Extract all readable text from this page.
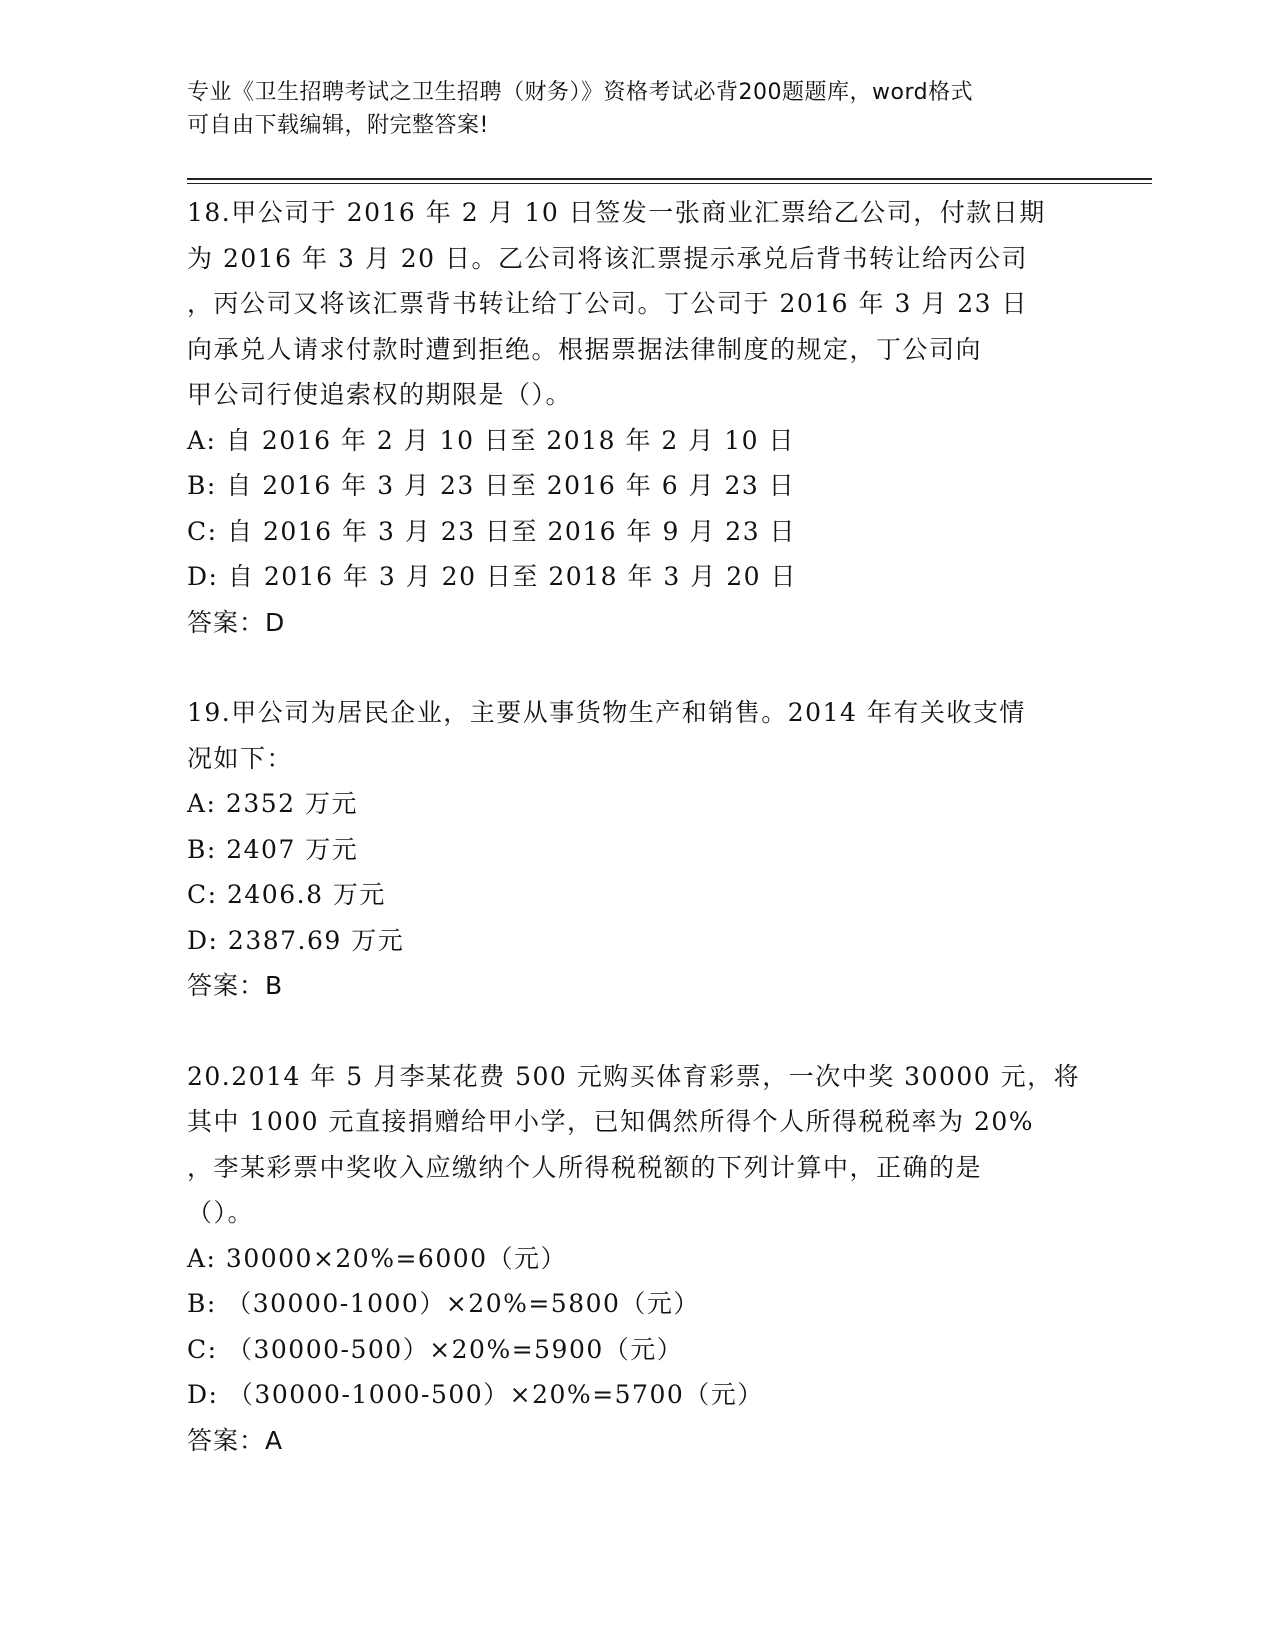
专业《卫生招聘考试之卫生招聘（财务）》资格考试必背200题题库，word格式
可自由下载编辑，附完整答案!

18.甲公司于 2016 年 2 月 10 日签发一张商业汇票给乙公司，付款日期

为 2016 年 3 月 20 日。乙公司将该汇票提示承兑后背书转让给丙公司

，丙公司又将该汇票背书转让给丁公司。丁公司于 2016 年 3 月 23 日

向承兑人请求付款时遭到拒绝。根据票据法律制度的规定，丁公司向

甲公司行使追索权的期限是（）。

A: 自 2016 年 2 月 10 日至 2018 年 2 月 10 日

B: 自 2016 年 3 月 23 日至 2016 年 6 月 23 日

C: 自 2016 年 3 月 23 日至 2016 年 9 月 23 日

D: 自 2016 年 3 月 20 日至 2018 年 3 月 20 日

答案：D

19.甲公司为居民企业，主要从事货物生产和销售。2014 年有关收支情

况如下：

A: 2352 万元

B: 2407 万元

C: 2406.8 万元

D: 2387.69 万元

答案：B

20.2014 年 5 月李某花费 500 元购买体育彩票，一次中奖 30000 元，将

其中 1000 元直接捐赠给甲小学，已知偶然所得个人所得税税率为 20%

，李某彩票中奖收入应缴纳个人所得税税额的下列计算中，正确的是

（）。

A: 30000×20%=6000（元）

B: （30000-1000）×20%=5800（元）

C: （30000-500）×20%=5900（元）

D: （30000-1000-500）×20%=5700（元）

答案：A
